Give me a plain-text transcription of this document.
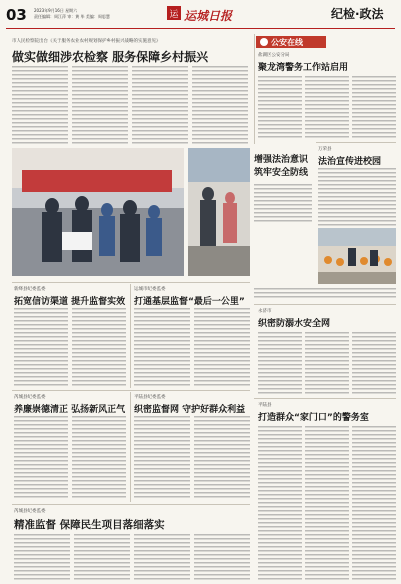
03 2023年9月16日 星期六
责任编辑：周江萍 审：黄 毕 美编：周思慧	运 运城日报	纪检·政法
市人民检察院出台《关于服务农业农村规划保护乡村振兴战略的实施意见》
做实做细涉农检察 服务保障乡村振兴
增强法治意识
筑牢安全防线
公安在线
盐湖区公安分局
聚龙湾警务工作站启用
万荣县
法治宣传进校园
永济市
织密防溺水安全网
平陆县
打造群众“家门口”的警务室
新绛县纪委监委
拓宽信访渠道 提升监督实效
运城市纪委监委
打通基层监督“最后一公里”
芮城县纪委监委
养廉崇德清正 弘扬新风正气
平陆县纪委监委
织密监督网 守护好群众利益
芮城县纪委监委
精准监督 保障民生项目落细落实
